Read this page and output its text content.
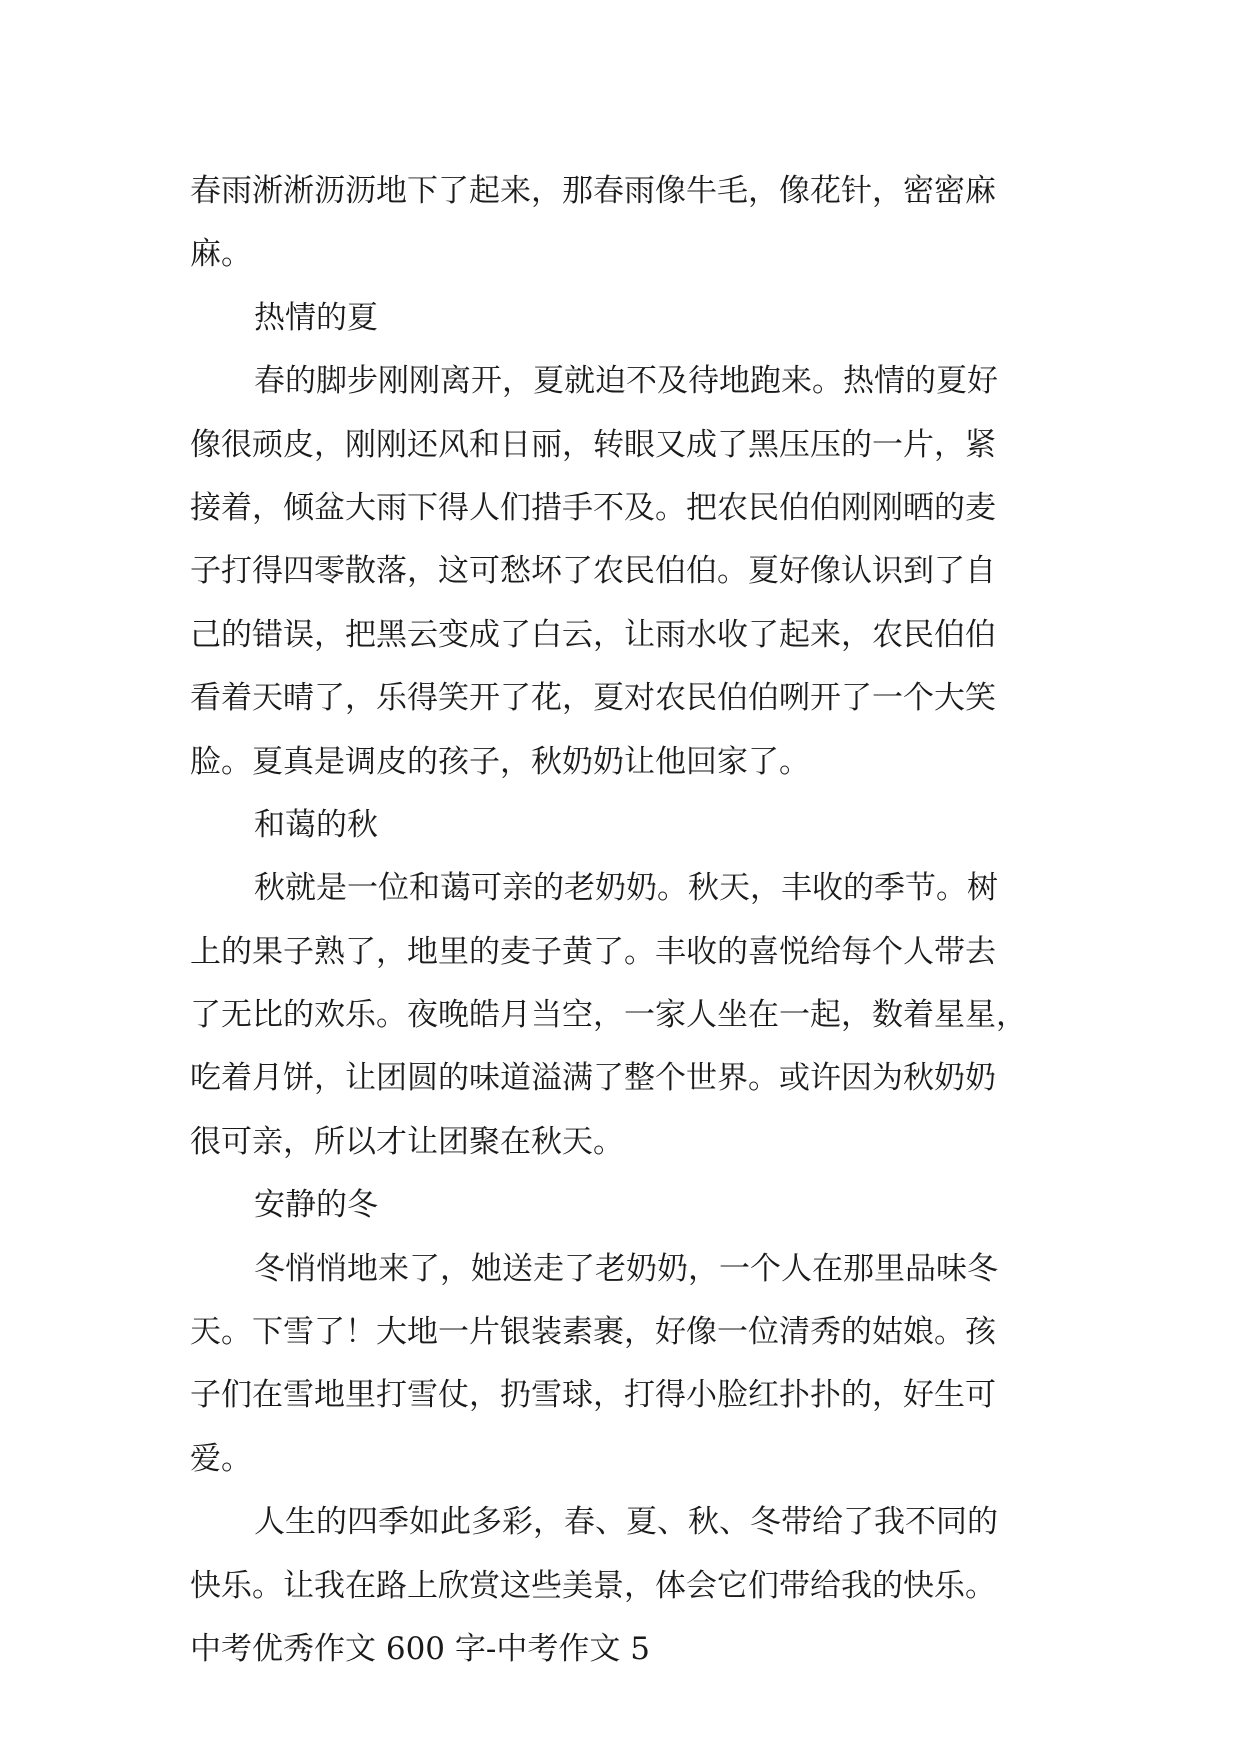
春雨淅淅沥沥地下了起来，那春雨像牛毛，像花针，密密麻
麻。
热情的夏
春的脚步刚刚离开，夏就迫不及待地跑来。热情的夏好
像很顽皮，刚刚还风和日丽，转眼又成了黑压压的一片，紧
接着，倾盆大雨下得人们措手不及。把农民伯伯刚刚晒的麦
子打得四零散落，这可愁坏了农民伯伯。夏好像认识到了自
己的错误，把黑云变成了白云，让雨水收了起来，农民伯伯
看着天晴了，乐得笑开了花，夏对农民伯伯咧开了一个大笑
脸。夏真是调皮的孩子，秋奶奶让他回家了。
和蔼的秋
秋就是一位和蔼可亲的老奶奶。秋天，丰收的季节。树
上的果子熟了，地里的麦子黄了。丰收的喜悦给每个人带去
了无比的欢乐。夜晚皓月当空，一家人坐在一起，数着星星，
吃着月饼，让团圆的味道溢满了整个世界。或许因为秋奶奶
很可亲，所以才让团聚在秋天。
安静的冬
冬悄悄地来了，她送走了老奶奶，一个人在那里品味冬
天。下雪了！大地一片银装素裹，好像一位清秀的姑娘。孩
子们在雪地里打雪仗，扔雪球，打得小脸红扑扑的，好生可
爱。
人生的四季如此多彩，春、夏、秋、冬带给了我不同的
快乐。让我在路上欣赏这些美景，体会它们带给我的快乐。
中考优秀作文 600 字-中考作文 5
